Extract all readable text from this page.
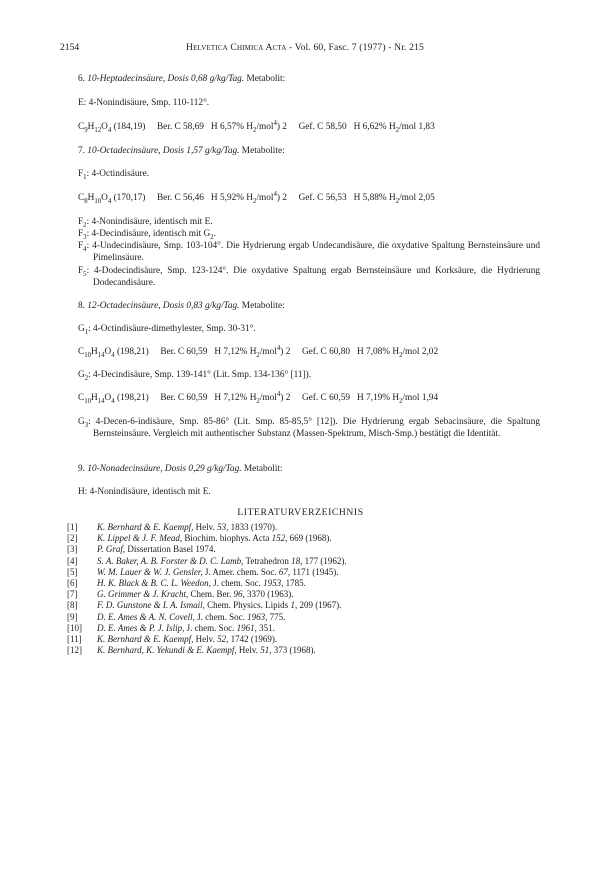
2154	Helvetica Chimica Acta - Vol. 60, Fasc. 7 (1977) - Nr. 215
6. 10-Heptadecinsäure, Dosis 0,68 g/kg/Tag. Metabolit:
E: 4-Nonindisäure, Smp. 110-112°.
$C_9H_{12}O_4$ (184,19)     Ber. C 58,69   H 6,57% $H_2/mol^4$) 2     Gef. C 58,50   H 6,62% $H_2$/mol 1,83
7. 10-Octadecinsäure, Dosis 1,57 g/kg/Tag. Metabolite:
$F_1$: 4-Octindisäure.
$C_8H_{10}O_4$ (170,17)     Ber. C 56,46   H 5,92% $H_2/mol^4$) 2     Gef. C 56,53   H 5,88% $H_2$/mol 2,05
$F_2$: 4-Nonindisäure, identisch mit E.
$F_3$: 4-Decindisäure, identisch mit $G_2$.
$F_4$: 4-Undecindisäure, Smp. 103-104°. Die Hydrierung ergab Undecandisäure, die oxydative Spaltung Bernsteinsäure und Pimelinsäure.
$F_5$: 4-Dodecindisäure, Smp. 123-124°. Die oxydative Spaltung ergab Bernsteinsäure und Korksäure, die Hydrierung Dodecandisäure.
8. 12-Octadecinsäure, Dosis 0,83 g/kg/Tag. Metabolite:
$G_1$: 4-Octindisäure-dimethylester, Smp. 30-31°.
$C_{10}H_{14}O_4$ (198,21)     Ber. C 60,59   H 7,12% $H_2/mol^4$) 2     Gef. C 60,80   H 7,08% $H_2$/mol 2,02
$G_2$: 4-Decindisäure, Smp. 139-141° (Lit. Smp. 134-136° [11]).
$C_{10}H_{14}O_4$ (198,21)     Ber. C 60,59   H 7,12% $H_2/mol^4$) 2     Gef. C 60,59   H 7,19% $H_2$/mol 1,94
$G_3$: 4-Decen-6-indisäure, Smp. 85-86° (Lit. Smp. 85-85,5° [12]). Die Hydrierung ergab Sebacinsäure, die Spaltung Bernsteinsäure. Vergleich mit authentischer Substanz (Massen-Spektrum, Misch-Smp.) bestätigt die Identität.
9. 10-Nonadecinsäure, Dosis 0,29 g/kg/Tag. Metabolit:
H: 4-Nonindisäure, identisch mit E.
LITERATURVERZEICHNIS
[1] K. Bernhard & E. Kaempf, Helv. 53, 1833 (1970).
[2] K. Lippel & J. F. Mead, Biochim. biophys. Acta 152, 669 (1968).
[3] P. Graf, Dissertation Basel 1974.
[4] S. A. Baker, A. B. Forster & D. C. Lamb, Tetrahedron 18, 177 (1962).
[5] W. M. Lauer & W. J. Gensler, J. Amer. chem. Soc. 67, 1171 (1945).
[6] H. K. Black & B. C. L. Weedon, J. chem. Soc. 1953, 1785.
[7] G. Grimmer & J. Kracht, Chem. Ber. 96, 3370 (1963).
[8] F. D. Gunstone & I. A. Ismail, Chem. Physics. Lipids 1, 209 (1967).
[9] D. E. Ames & A. N. Covell, J. chem. Soc. 1963, 775.
[10] D. E. Ames & P. J. Islip, J. chem. Soc. 1961, 351.
[11] K. Bernhard & E. Kaempf, Helv. 52, 1742 (1969).
[12] K. Bernhard, K. Yekundi & E. Kaempf, Helv. 51, 373 (1968).
